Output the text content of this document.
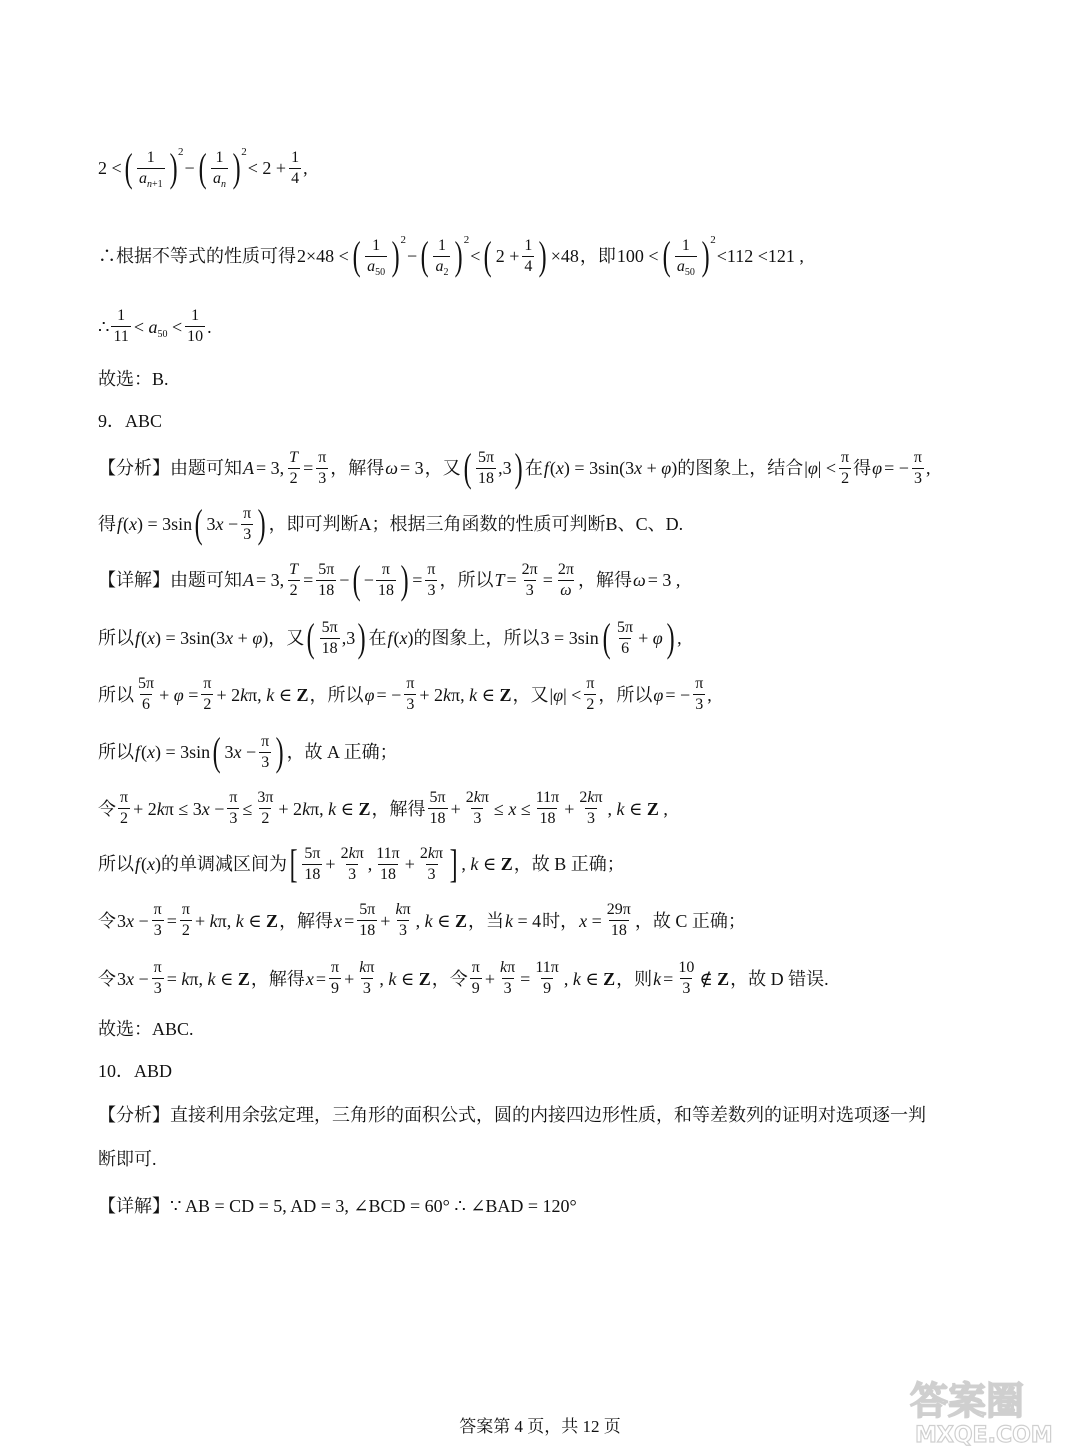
2 < ( $\frac{1}{a_{n+1}}$ ) 2
− ( $\frac{1}{a_n}$ ) 2
< $2 + \frac{1}{4}$ ,
∴根据不等式的性质可得 2×48 < ( $\frac{1}{a_{50}}$ ) 2
− ( $\frac{1}{a_2}$ ) 2
< ( $2 + \frac{1}{4}$ ) ×48 ，即 100 < ( $\frac{1}{a_{50}}$ ) 2
<112 <121 ,
∴ $\frac{1}{11} < a_{50} < \frac{1}{10}$ .
故选：B.
9．ABC
【分析】 由题可知 A = 3, $\frac{T}{2} = \frac{\pi}{3}$ ，解得 ω = 3 ，又 ( $\frac{5\pi}{18} ,3$ ) 在 f (x) = 3sin(3x + φ) 的图象上，结合 $|\varphi| < \frac{\pi}{2}$ 得 φ = − $\frac{\pi}{3}$ ,
得 f (x) = 3sin ( $3x - \frac{\pi}{3}$ ) ，即可判断A；根据三角函数的性质可判断B、C、D.
【详解】 由题可知 A = 3, $\frac{T}{2} = \frac{5\pi}{18}$ − ( − $\frac{\pi}{18}$ ) = $\frac{\pi}{3}$ ，所以 $T = \frac{2\pi}{3} = \frac{2\pi}{\omega}$ ，解得 ω = 3 ,
所以 f (x) = 3sin(3x + φ) ，又 ( $\frac{5\pi}{18} ,3$ ) 在 f (x) 的图象上，所以 3 = 3sin ( $\frac{5\pi}{6} + \varphi$ ) ,
所以 $\frac{5\pi}{6} + \varphi = \frac{\pi}{2} + 2k\pi$, k ∈ Z ，所以 φ = − $\frac{\pi}{3} + 2k\pi$, k ∈ Z ，又 $|\varphi| < \frac{\pi}{2}$ ，所以 φ = − $\frac{\pi}{3}$ ,
所以 f (x) = 3sin ( $3x - \frac{\pi}{3}$ ) ，故 A 正确；
令 $\frac{\pi}{2} + 2k\pi \le 3x - \frac{\pi}{3} \le \frac{3\pi}{2} + 2k\pi$, k ∈ Z ，解得 $\frac{5\pi}{18} + \frac{2k\pi}{3} \le x \le \frac{11\pi}{18} + \frac{2k\pi}{3}$ , k ∈ Z ,
所以 f (x) 的单调减区间为 [ $\frac{5\pi}{18} + \frac{2k\pi}{3}$ , $\frac{11\pi}{18} + \frac{2k\pi}{3}$ ] , k ∈ Z ，故 B 正确；
令 $3x - \frac{\pi}{3} = \frac{\pi}{2} + k\pi$, k ∈ Z ，解得 $x = \frac{5\pi}{18} + \frac{k\pi}{3}$ , k ∈ Z ，当 k = 4 时， $x = \frac{29\pi}{18}$ ，故 C 正确；
令 $3x - \frac{\pi}{3} = k\pi$, k ∈ Z ，解得 $x = \frac{\pi}{9} + \frac{k\pi}{3}$ , k ∈ Z ，令 $\frac{\pi}{9} + \frac{k\pi}{3} = \frac{11\pi}{9}$ , k ∈ Z ，则 $k = \frac{10}{3}$ ∉ Z ，故 D 错误.
故选：ABC.
10．ABD
【分析】 直接利用余弦定理，三角形的面积公式，圆的内接四边形性质，和等差数列的证明对选项逐一判
断即可.
【详解】 ∵ AB = CD = 5, AD = 3, ∠BCD = 60° ∴ ∠BAD = 120°
答案第 4 页，共 12 页
答案圈
MXQE.COM
